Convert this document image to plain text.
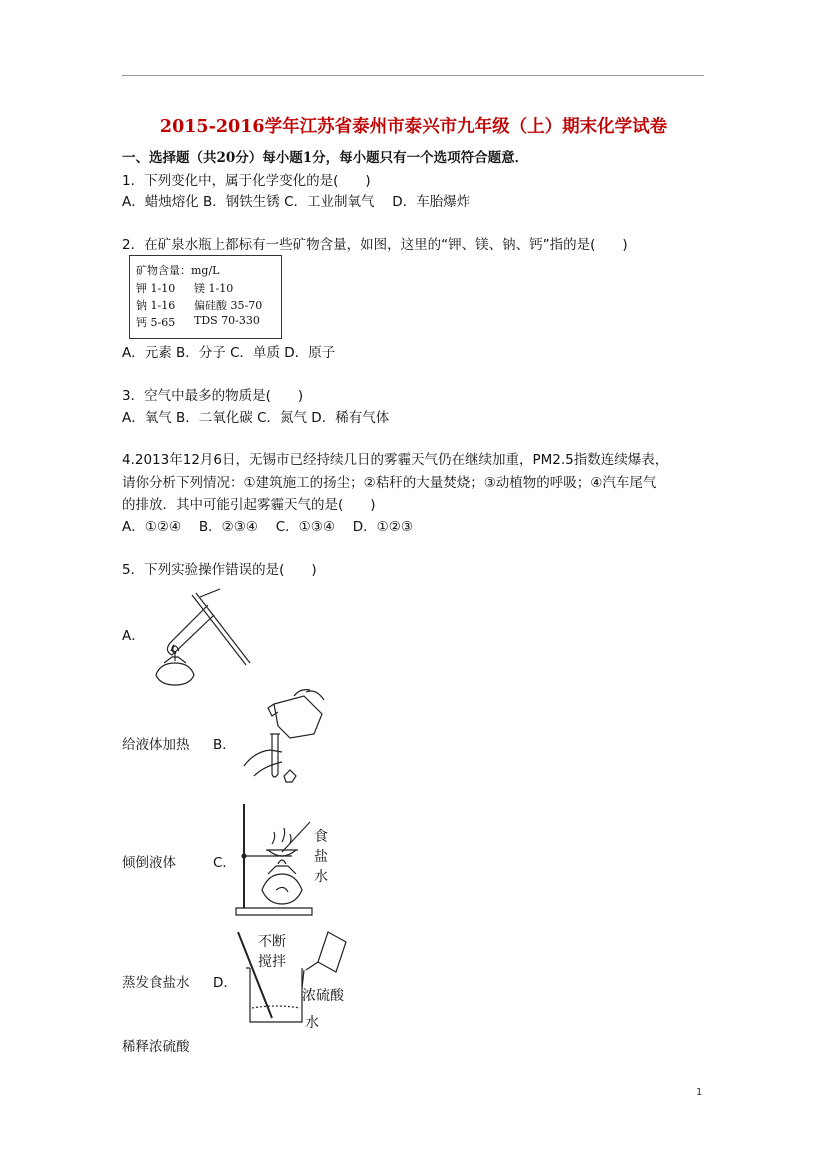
2015-2016学年江苏省泰州市泰兴市九年级（上）期末化学试卷
一、选择题（共20分）每小题1分，每小题只有一个选项符合题意．
1．下列变化中，属于化学变化的是(　　)
A．蜡烛熔化 B．钢铁生锈 C．工业制氧气　 D．车胎爆炸
2．在矿泉水瓶上都标有一些矿物含量，如图，这里的“钾、镁、钠、钙”指的是(　　)
矿物含量：mg/L
钾 1-10 镁 1-10
钠 1-16 偏硅酸 35-70
钙 5-65 TDS 70-330
A．元素 B．分子 C．单质 D．原子
3．空气中最多的物质是(　　)
A．氧气 B．二氧化碳 C．氮气 D．稀有气体
4.2013年12月6日，无锡市已经持续几日的雾霾天气仍在继续加重，PM2.5指数连续爆表，
请你分析下列情况：①建筑施工的扬尘；②秸秆的大量焚烧；③动植物的呼吸；④汽车尾气
的排放．其中可能引起雾霾天气的是(　　)
A．①②④　 B．②③④　 C．①③④　 D．①②③
5．下列实验操作错误的是(　　)
A．
给液体加热 B．
倾倒液体	C．
食
盐
水
蒸发食盐水 D．
不断
搅拌
浓硫酸
水
稀释浓硫酸
1
